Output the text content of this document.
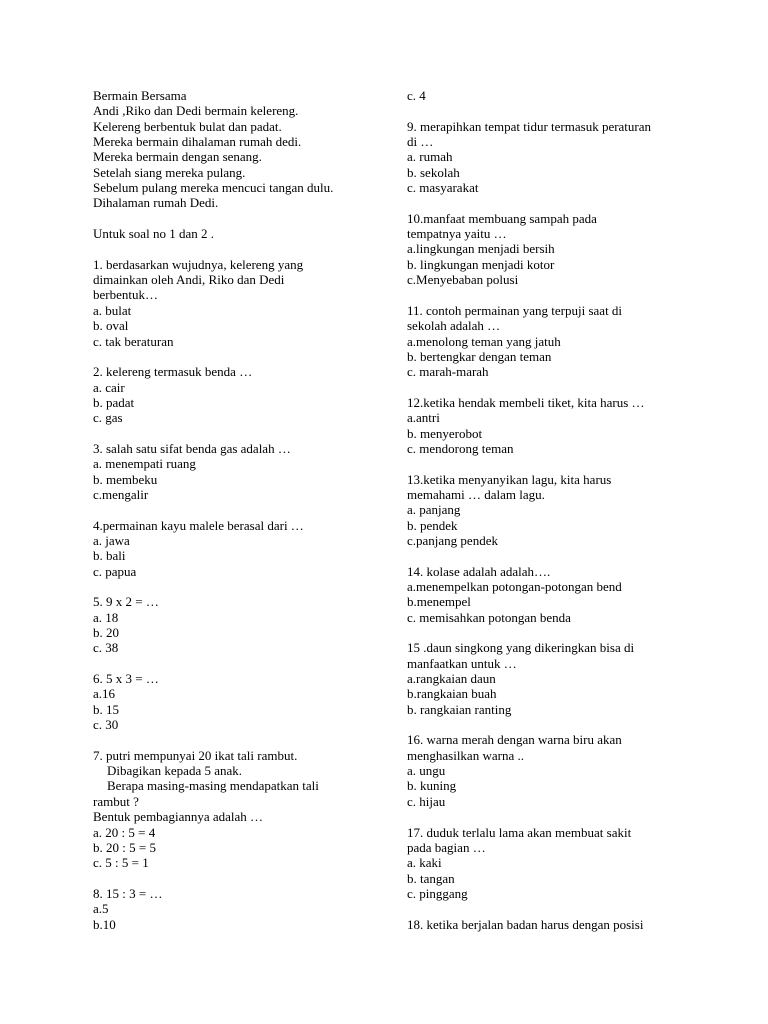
Bermain Bersama
Andi ,Riko dan Dedi bermain kelereng.
Kelereng berbentuk bulat dan padat.
Mereka bermain dihalaman rumah dedi.
Mereka bermain dengan senang.
Setelah siang mereka pulang.
Sebelum pulang mereka mencuci tangan dulu.
Dihalaman rumah Dedi.
Untuk soal no 1 dan 2 .
1. berdasarkan wujudnya, kelereng yang
dimainkan oleh Andi, Riko dan Dedi
berbentuk…
a. bulat
b. oval
c. tak beraturan
2. kelereng termasuk benda …
a. cair
b. padat
c. gas
3. salah satu sifat benda gas adalah …
a. menempati ruang
b. membeku
c.mengalir
4.permainan kayu malele berasal dari …
a. jawa
b. bali
c. papua
5. 9 x 2 = …
a. 18
b. 20
c. 38
6. 5 x 3 = …
a.16
b. 15
c. 30
7. putri mempunyai 20 ikat tali rambut.
Dibagikan kepada 5 anak.
Berapa masing-masing mendapatkan tali
rambut ?
Bentuk pembagiannya adalah …
a. 20 : 5 = 4
b. 20 : 5 = 5
c. 5 : 5 = 1
8. 15 : 3 = …
a.5
b.10
c. 4
9. merapihkan tempat tidur termasuk peraturan
di …
a. rumah
b. sekolah
c. masyarakat
10.manfaat membuang sampah pada
tempatnya yaitu …
a.lingkungan menjadi bersih
b. lingkungan menjadi kotor
c.Menyebaban polusi
11. contoh permainan yang terpuji saat di
sekolah adalah …
a.menolong teman yang jatuh
b. bertengkar dengan teman
c. marah-marah
12.ketika hendak membeli tiket, kita harus …
a.antri
b. menyerobot
c. mendorong teman
13.ketika menyanyikan lagu, kita harus
memahami … dalam lagu.
a. panjang
b. pendek
c.panjang pendek
14. kolase adalah adalah….
a.menempelkan potongan-potongan bend
b.menempel
c. memisahkan potongan benda
15 .daun singkong yang dikeringkan bisa di
manfaatkan untuk …
a.rangkaian daun
b.rangkaian buah
b. rangkaian ranting
16. warna merah dengan warna biru akan
menghasilkan warna ..
a. ungu
b. kuning
c. hijau
17. duduk terlalu lama akan membuat sakit
pada bagian …
a. kaki
b. tangan
c. pinggang
18. ketika berjalan badan harus dengan posisi
